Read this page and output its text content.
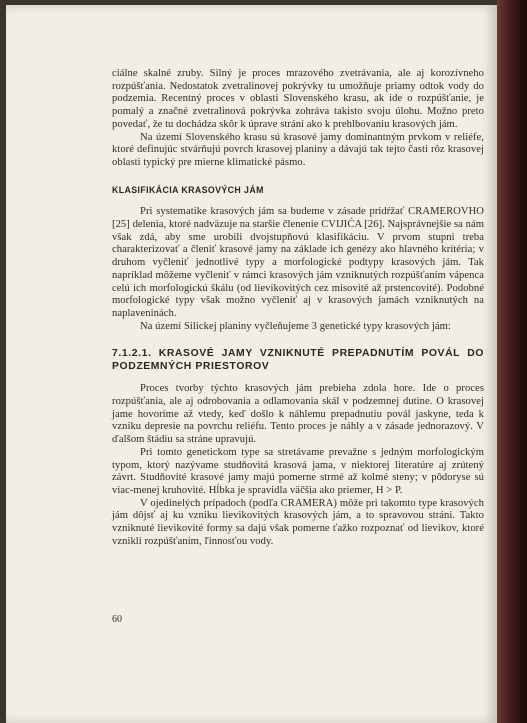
ciálne skalné zruby. Silný je proces mrazového zvetrávania, ale aj korozívneho rozpúšťania. Nedostatok zvetralinovej pokrývky tu umožňuje priamy odtok vody do podzemia. Recentný proces v oblasti Slovenského krasu, ak ide o rozpúšťanie, je pomalý a značné zvetralinová pokrývka zohráva takisto svoju úlohu. Možno preto povedať, že tu dochádza skôr k úprave strání ako k prehlbovaniu krasových jám.

Na území Slovenského krasu sú krasové jamy dominantným prvkom v reliéfe, ktoré definujúc stvárňujú povrch krasovej planiny a dávajú tak tejto časti rôz krasovej oblasti typický pre mierne klimatické pásmo.

KLASIFIKÁCIA KRASOVÝCH JÁM

Pri systematike krasových jám sa budeme v zásade pridŕžať CRAMEROVHO [25] delenia, ktoré nadväzuje na staršie členenie CVIJIĆA [26]. Najsprávnejšie sa nám však zdá, aby sme urobili dvojstupňovú klasifikáciu. V prvom stupni treba charakterizovať a členiť krasové jamy na základe ich genézy ako hlavného kritéria; v druhom vyčleniť jednotlivé typy a morfologické podtypy krasových jám. Tak napríklad môžeme vyčleniť v rámci krasových jám vzniknutých rozpúšťaním vápenca celú ich morfologickú škálu (od lievikovitých cez misovité až prstencovité). Podobné morfologické typy však možno vyčleniť aj v krasových jamách vzniknutých na naplaveninách.

Na území Silickej planiny vyčleňujeme 3 genetické typy krasových jám:

7.1.2.1. KRASOVÉ JAMY VZNIKNUTÉ PREPADNUTÍM POVÁL DO PODZEMNÝCH PRIESTOROV

Proces tvorby týchto krasových jám prebieha zdola hore. Ide o proces rozpúšťania, ale aj odrobovania a odlamovania skál v podzemnej dutine. O krasovej jame hovoríme až vtedy, keď došlo k náhlemu prepadnutiu povál jaskyne, teda k vzniku depresie na povrchu reliéfu. Tento proces je náhly a v zásade jednorazový. V ďalšom štádiu sa stráne upravujú.

Pri tomto genetickom type sa stretávame prevažne s jedným morfologickým typom, ktorý nazývame studňovitá krasová jama, v niektorej literatúre aj zrútený závrt. Studňovité krasové jamy majú pomerne strmé až kolmé steny; v pôdoryse sú viac-menej kruhovité. Hĺbka je spravidla väčšia ako priemer, H > P.

V ojedinelých prípadoch (podľa CRAMERA) môže pri takomto type krasových jám dôjsť aj ku vzniku lievikovitých krasových jám, a to spravovou stráni. Takto vzniknuté lievikovité formy sa dajú však pomerne ťažko rozpoznať od lievikov, ktoré vznikli rozpúšťaním, ľinnosťou vody.

60
